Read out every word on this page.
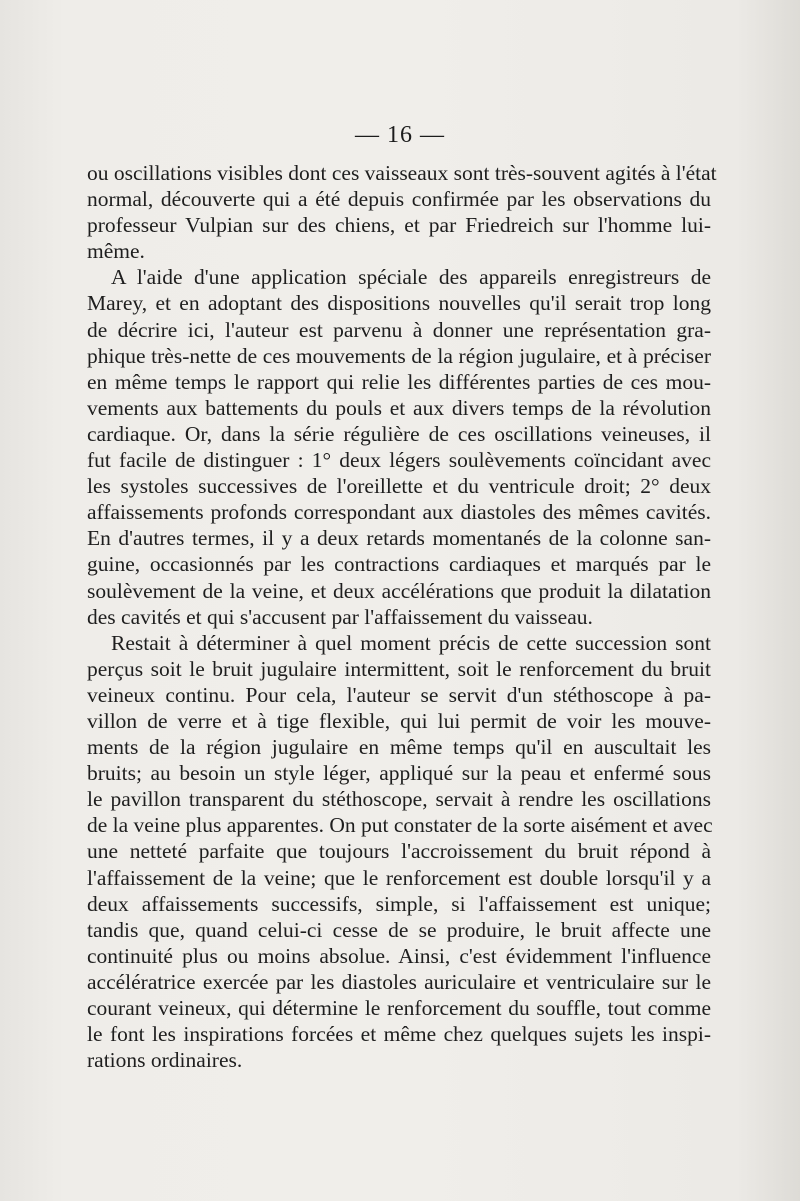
— 16 —
ou oscillations visibles dont ces vaisseaux sont très-souvent agités à l'état
normal, découverte qui a été depuis confirmée par les observations du
professeur Vulpian sur des chiens, et par Friedreich sur l'homme lui-
même.
A l'aide d'une application spéciale des appareils enregistreurs de
Marey, et en adoptant des dispositions nouvelles qu'il serait trop long
de décrire ici, l'auteur est parvenu à donner une représentation gra-
phique très-nette de ces mouvements de la région jugulaire, et à préciser
en même temps le rapport qui relie les différentes parties de ces mou-
vements aux battements du pouls et aux divers temps de la révolution
cardiaque. Or, dans la série régulière de ces oscillations veineuses, il
fut facile de distinguer : 1° deux légers soulèvements coïncidant avec
les systoles successives de l'oreillette et du ventricule droit; 2° deux
affaissements profonds correspondant aux diastoles des mêmes cavités.
En d'autres termes, il y a deux retards momentanés de la colonne san-
guine, occasionnés par les contractions cardiaques et marqués par le
soulèvement de la veine, et deux accélérations que produit la dilatation
des cavités et qui s'accusent par l'affaissement du vaisseau.
Restait à déterminer à quel moment précis de cette succession sont
perçus soit le bruit jugulaire intermittent, soit le renforcement du bruit
veineux continu. Pour cela, l'auteur se servit d'un stéthoscope à pa-
villon de verre et à tige flexible, qui lui permit de voir les mouve-
ments de la région jugulaire en même temps qu'il en auscultait les
bruits; au besoin un style léger, appliqué sur la peau et enfermé sous
le pavillon transparent du stéthoscope, servait à rendre les oscillations
de la veine plus apparentes. On put constater de la sorte aisément et avec
une netteté parfaite que toujours l'accroissement du bruit répond à
l'affaissement de la veine; que le renforcement est double lorsqu'il y a
deux affaissements successifs, simple, si l'affaissement est unique;
tandis que, quand celui-ci cesse de se produire, le bruit affecte une
continuité plus ou moins absolue. Ainsi, c'est évidemment l'influence
accélératrice exercée par les diastoles auriculaire et ventriculaire sur le
courant veineux, qui détermine le renforcement du souffle, tout comme
le font les inspirations forcées et même chez quelques sujets les inspi-
rations ordinaires.
